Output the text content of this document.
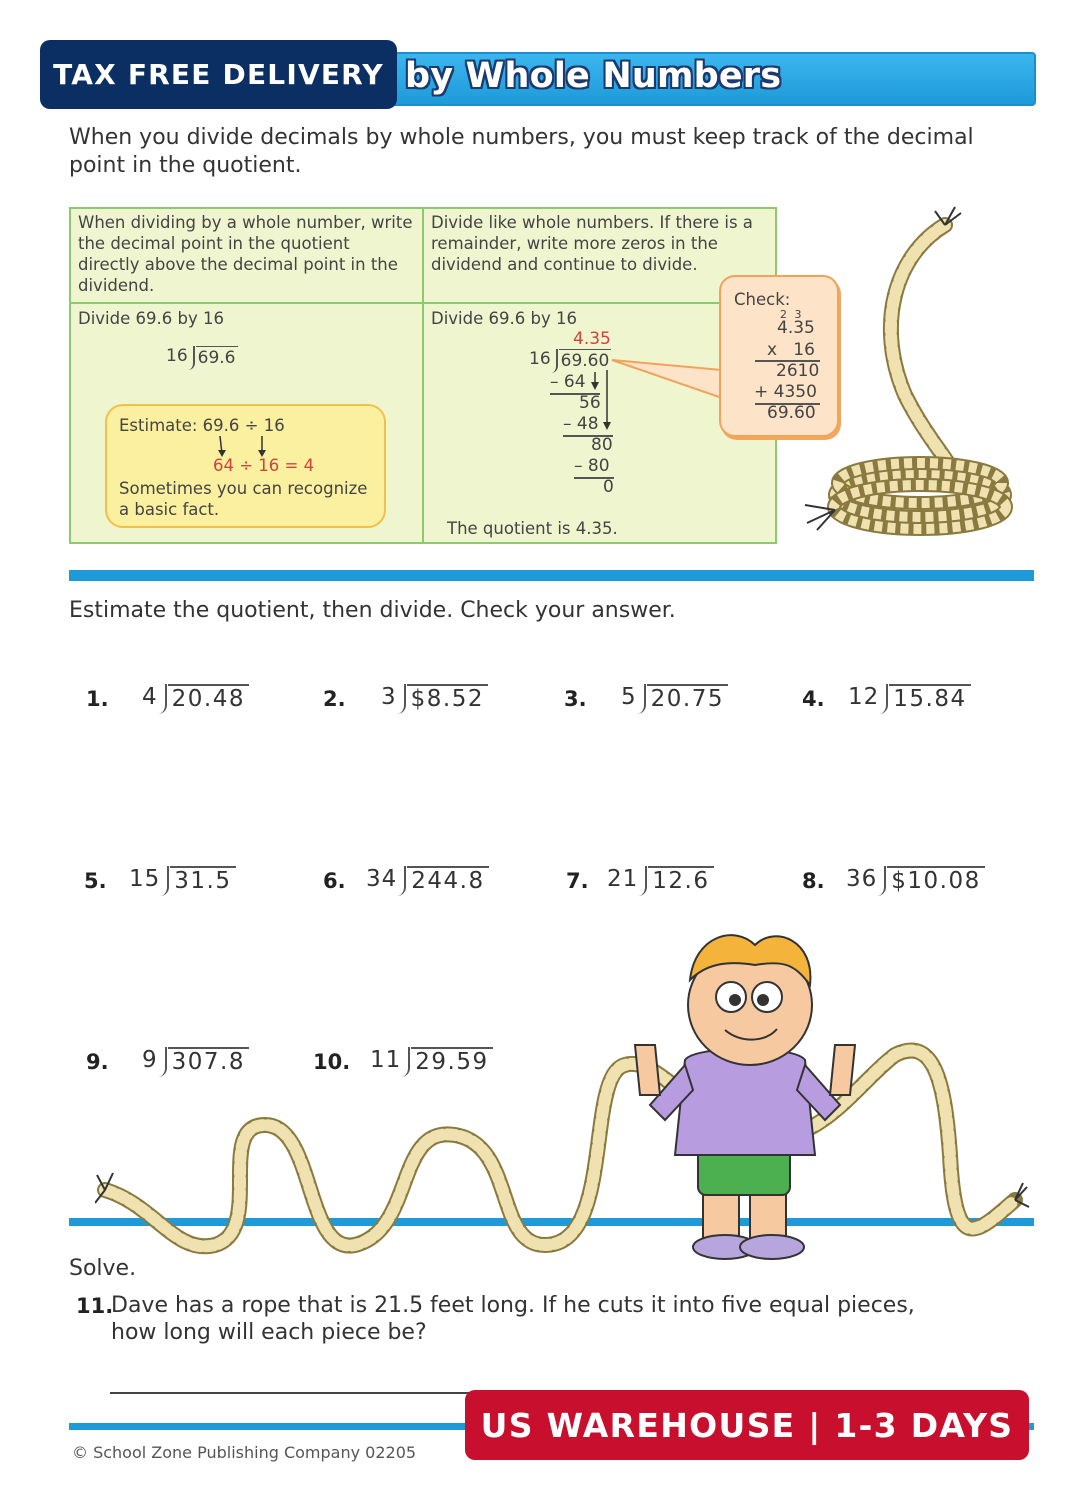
by Whole Numbers
TAX FREE DELIVERY
When you divide decimals by whole numbers, you must keep track of the decimal point in the quotient.
When dividing by a whole number, write the decimal point in the quotient directly above the decimal point in the dividend.
Divide like whole numbers. If there is a remainder, write more zeros in the dividend and continue to divide.
Divide 69.6 by 16	Divide 69.6 by 16
16 69.6
Estimate: 69.6 ÷ 16
64 ÷ 16 = 4
Sometimes you can recognize a basic fact.
4.35
16 69.60
– 64
56
– 48
80
– 80
0
The quotient is 4.35.
Check:
2 3
4.35
x   16
2610
+ 4350
69.60
Estimate the quotient, then divide. Check your answer.
1. 4 20.48	2. 3 $8.52	3. 5 20.75	4. 12 15.84
5. 15 31.5	6. 34 244.8	7. 21 12.6	8. 36 $10.08
9. 9 307.8	10. 11 29.59
Solve.
11.
Dave has a rope that is 21.5 feet long. If he cuts it into five equal pieces, how long will each piece be?
© School Zone Publishing Company 02205
US WAREHOUSE | 1-3 DAYS
